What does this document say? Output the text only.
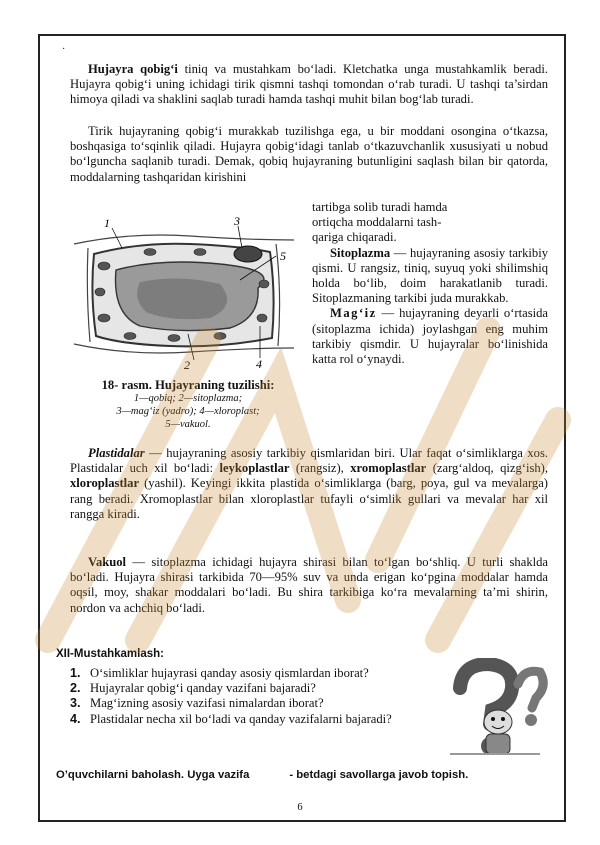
·
Hujayra qobig‘i tiniq va mustahkam bo‘ladi. Kletchatka unga mustahkamlik beradi. Hujayra qobig‘i uning ichidagi tirik qismni tashqi tomondan o‘rab turadi. U tashqi ta’sirdan himoya qiladi va shaklini saqlab turadi hamda tashqi muhit bilan bog‘lab turadi.
Tirik hujayraning qobig‘i murakkab tuzilishga ega, u bir moddani osongina o‘tkazsa, boshqasiga to‘sqinlik qiladi. Hujayra qobig‘idagi tanlab o‘tkazuvchanlik xususiyati u nobud bo‘lguncha saqlanib turadi. Demak, qobiq hujayraning butunligini saqlash bilan bir qatorda, moddalarning tashqaridan kirishini
1
2
3
4
5
18- rasm. Hujayraning tuzilishi:
1—qobiq; 2—sitoplazma;
3—mag‘iz (yadro); 4—xloroplast;
5—vakuol.
tartibga solib turadi hamda
ortiqcha moddalarni tash-
qariga chiqaradi.
Sitoplazma — hujayraning asosiy tarkibiy qismi. U rangsiz, tiniq, suyuq yoki shilimshiq holda bo‘lib, doim harakatlanib turadi. Sitoplazmaning tarkibi juda murakkab.
Mag‘iz — hujayraning deyarli o‘rtasida (sitoplazma ichida) joylashgan eng muhim tarkibiy qismdir. U hujayralar bo‘linishida katta rol o‘ynaydi.
Plastidalar — hujayraning asosiy tarkibiy qismlaridan biri. Ular faqat o‘simliklarga xos. Plastidalar uch xil bo‘ladi: leykoplastlar (rangsiz), xromoplastlar (zarg‘aldoq, qizg‘ish), xloroplastlar (yashil). Keyingi ikkita plastida o‘simliklarga (barg, poya, gul va mevalarga) rang beradi. Xromoplastlar bilan xloroplastlar tufayli o‘simlik gullari va mevalar har xil rangga kiradi.
Vakuol — sitoplazma ichidagi hujayra shirasi bilan to‘lgan bo‘shliq. U turli shaklda bo‘ladi. Hujayra shirasi tarkibida 70—95% suv va unda erigan ko‘pgina moddalar hamda oqsil, moy, shakar moddalari bo‘ladi. Bu shira tarkibiga ko‘ra mevalarning ta’mi shirin, nordon va achchiq bo‘ladi.
XII-Mustahkamlash:
1. O‘simliklar hujayrasi qanday asosiy qismlardan iborat?
2. Hujayralar qobig‘i qanday vazifani bajaradi?
3. Mag‘izning asosiy vazifasi nimalardan iborat?
4. Plastidalar necha xil bo‘ladi va qanday vazifalarni bajaradi?
O’quvchilarni baholash. Uyga vazifa	- betdagi savollarga javob topish.
6
